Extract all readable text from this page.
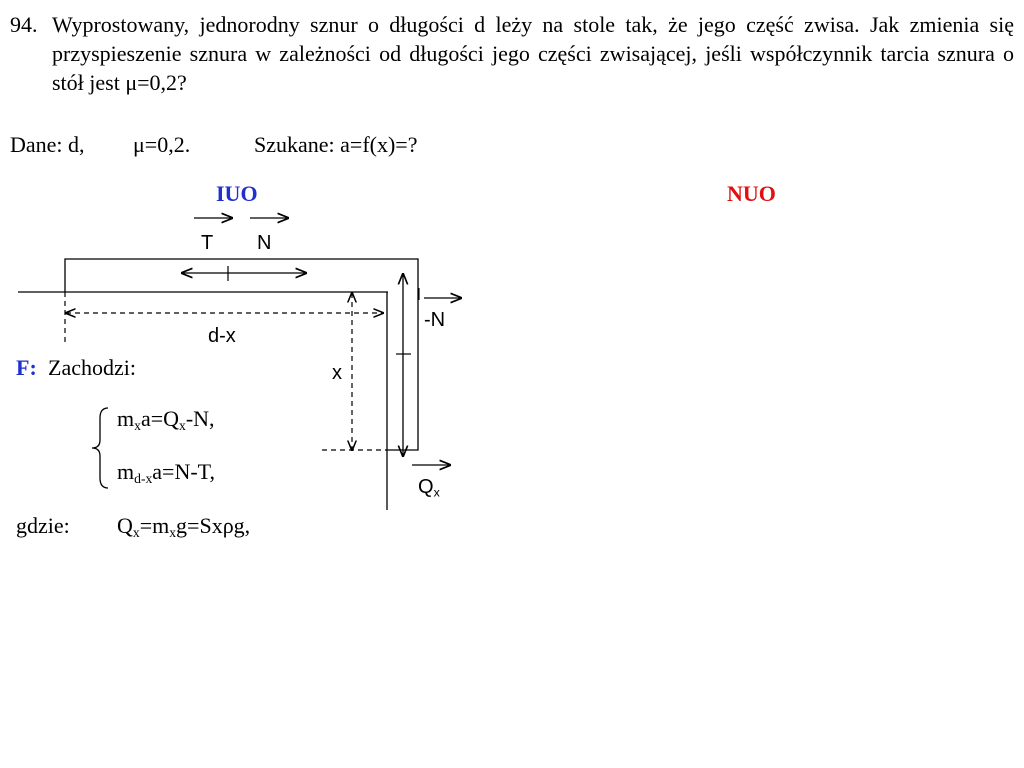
94. Wyprostowany, jednorodny sznur o długości d leży na stole tak, że jego część zwisa. Jak zmienia się przyspieszenie sznura w zależności od długości jego części zwisającej, jeśli współczynnik tarcia sznura o stół jest μ=0,2?
Dane: d, μ=0,2.	Szukane: a=f(x)=?
IUO	NUO
T N
-N
d-x
x
$Q_x$
F: Zachodzi:
$m_xa=Q_x-N$,
$m_{d-x}a=N-T$,
gdzie: $Q_x=m_xg=Sx\rho g$,
